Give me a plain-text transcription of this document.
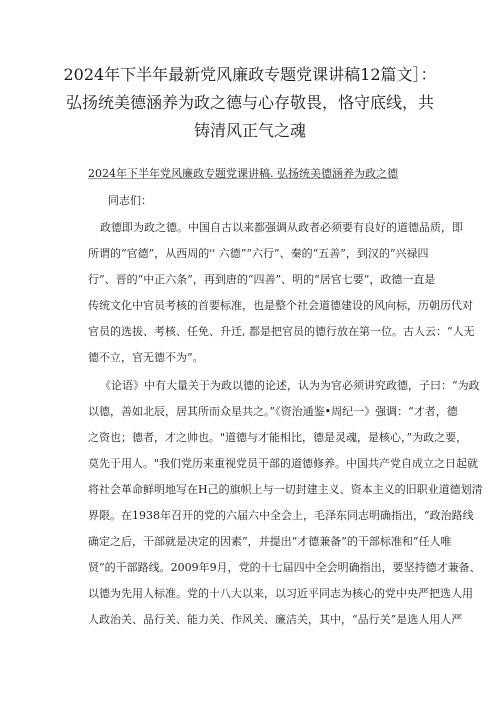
2024年下半年最新党风廉政专题党课讲稿12篇文］：
弘扬统美德涵养为政之德与心存敬畏，恪守底线，共
铸清风正气之魂
2024年下半年党风廉政专题党课讲稿. 弘扬统美德涵养为政之德
同志们：
政德即为政之德。中国自古以来都强调从政者必须要有良好的道德品质，即
所谓的“官德”，从西周的'' 六德”“六行”、秦的“五善”，到汉的“兴禄四
行”、晋的“中正六条”，再到唐的“四善”、明的“居官七要”，政德一直是
传统文化中官员考核的首要标准，也是整个社会道德建设的风向标，历朝历代对
官员的选拔、考核、任免、升迁, 都是把官员的德行放在第一位。古人云：“人无
德不立，官无德不为”。
《论语》中有大量关于为政以德的论述，认为为官必须讲究政德，子曰：“为政
以德，善如北辰，居其所而众星共之。”《资治通鉴•周纪一》强调：“才者，德
之资也；德者，才之帅也。"道德与才能相比，德是灵魂，是核心，”为政之要，
莫先于用人。"我们党历来重视党员干部的道德修养。中国共产党自成立之日起就
将社会革命鲜明地写在H己的旗帜上与一切封建主义、资本主义的旧职业道德划清
界限。在1938年召开的党的六届六中全会上，毛泽东同志明确指出，“政治路线
确定之后，干部就是决定的因素”，并提出“才德兼备”的干部标准和“任人唯
贤”的干部路线。2009年9月，党的十七届四中全会明确指出，要坚持德才兼备、
以德为先用人标准。党的十八大以来，以习近平同志为核心的党中央严把选人用
人政治关、品行关、能力关、作风关、廉洁关，其中，“品行关”是选人用人严
